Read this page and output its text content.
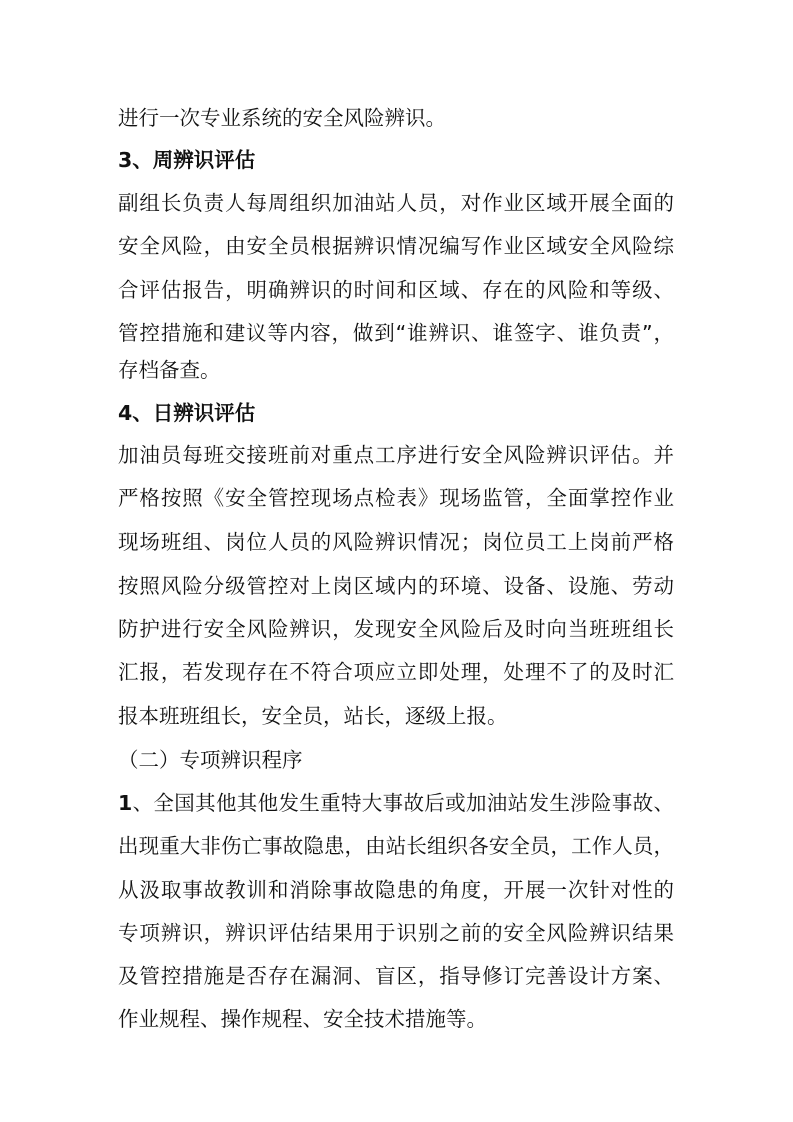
进行一次专业系统的安全风险辨识。
3、周辨识评估
副组长负责人每周组织加油站人员，对作业区域开展全面的
安全风险，由安全员根据辨识情况编写作业区域安全风险综
合评估报告，明确辨识的时间和区域、存在的风险和等级、
管控措施和建议等内容，做到“谁辨识、谁签字、谁负责”，
存档备查。
4、日辨识评估
加油员每班交接班前对重点工序进行安全风险辨识评估。并
严格按照《安全管控现场点检表》现场监管，全面掌控作业
现场班组、岗位人员的风险辨识情况；岗位员工上岗前严格
按照风险分级管控对上岗区域内的环境、设备、设施、劳动
防护进行安全风险辨识，发现安全风险后及时向当班班组长
汇报，若发现存在不符合项应立即处理，处理不了的及时汇
报本班班组长，安全员，站长，逐级上报。
（二）专项辨识程序
1、全国其他其他发生重特大事故后或加油站发生涉险事故、
出现重大非伤亡事故隐患，由站长组织各安全员，工作人员，
从汲取事故教训和消除事故隐患的角度，开展一次针对性的
专项辨识，辨识评估结果用于识别之前的安全风险辨识结果
及管控措施是否存在漏洞、盲区，指导修订完善设计方案、
作业规程、操作规程、安全技术措施等。
